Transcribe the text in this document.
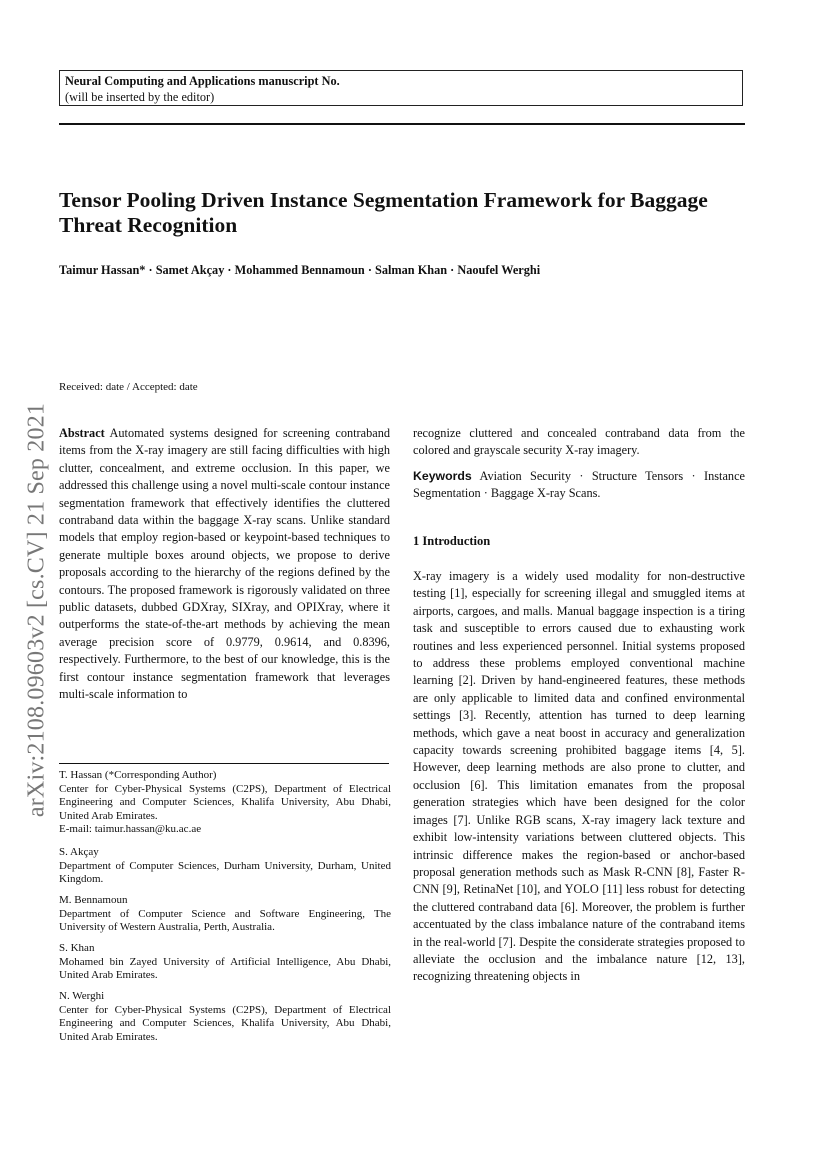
arXiv:2108.09603v2 [cs.CV] 21 Sep 2021
Neural Computing and Applications manuscript No.
(will be inserted by the editor)
Tensor Pooling Driven Instance Segmentation Framework for Baggage Threat Recognition
Taimur Hassan* · Samet Akçay · Mohammed Bennamoun · Salman Khan · Naoufel Werghi
Received: date / Accepted: date

Abstract Automated systems designed for screening contraband items from the X-ray imagery are still facing difficulties with high clutter, concealment, and extreme occlusion. In this paper, we addressed this challenge using a novel multi-scale contour instance segmentation framework that effectively identifies the cluttered contraband data within the baggage X-ray scans. Unlike standard models that employ region-based or keypoint-based techniques to generate multiple boxes around objects, we propose to derive proposals according to the hierarchy of the regions defined by the contours. The proposed framework is rigorously validated on three public datasets, dubbed GDXray, SIXray, and OPIXray, where it outperforms the state-of-the-art methods by achieving the mean average precision score of 0.9779, 0.9614, and 0.8396, respectively. Furthermore, to the best of our knowledge, this is the first contour instance segmentation framework that leverages multi-scale information to

recognize cluttered and concealed contraband data from the colored and grayscale security X-ray imagery.

Keywords Aviation Security · Structure Tensors · Instance Segmentation · Baggage X-ray Scans.

1 Introduction

X-ray imagery is a widely used modality for non-destructive testing [1], especially for screening illegal and smuggled items at airports, cargoes, and malls. Manual baggage inspection is a tiring task and susceptible to errors caused due to exhausting work routines and less experienced personnel. Initial systems proposed to address these problems employed conventional machine learning [2]. Driven by hand-engineered features, these methods are only applicable to limited data and confined environmental settings [3]. Recently, attention has turned to deep learning methods, which gave a neat boost in accuracy and generalization capacity towards screening prohibited baggage items [4, 5]. However, deep learning methods are also prone to clutter, and occlusion [6]. This limitation emanates from the proposal generation strategies which have been designed for the color images [7]. Unlike RGB scans, X-ray imagery lack texture and exhibit low-intensity variations between cluttered objects. This intrinsic difference makes the region-based or anchor-based proposal generation methods such as Mask R-CNN [8], Faster R-CNN [9], RetinaNet [10], and YOLO [11] less robust for detecting the cluttered contraband data [6]. Moreover, the problem is further accentuated by the class imbalance nature of the contraband items in the real-world [7]. Despite the considerate strategies proposed to alleviate the occlusion and the imbalance nature [12, 13], recognizing threatening objects in

T. Hassan (*Corresponding Author)

Center for Cyber-Physical Systems (C2PS), Department of Electrical Engineering and Computer Sciences, Khalifa University, Abu Dhabi, United Arab Emirates.

E-mail: taimur.hassan@ku.ac.ae

S. Akçay

Department of Computer Sciences, Durham University, Durham, United Kingdom.

M. Bennamoun

Department of Computer Science and Software Engineering, The University of Western Australia, Perth, Australia.

S. Khan

Mohamed bin Zayed University of Artificial Intelligence, Abu Dhabi, United Arab Emirates.

N. Werghi

Center for Cyber-Physical Systems (C2PS), Department of Electrical Engineering and Computer Sciences, Khalifa University, Abu Dhabi, United Arab Emirates.
